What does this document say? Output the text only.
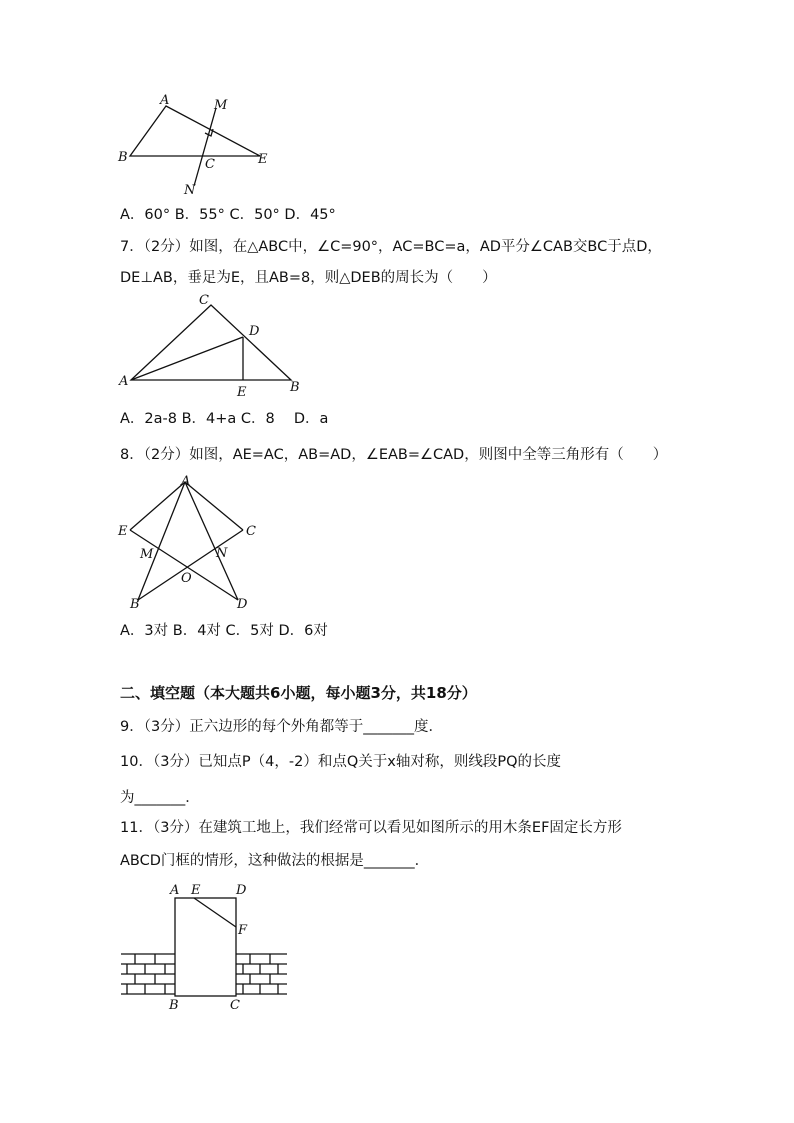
A	M
B	C	E
N
A．60° B．55° C．50° D．45°
7．（2分）如图，在△ABC中，∠C=90°，AC=BC=a，AD平分∠CAB交BC于点D，
DE⊥AB，垂足为E，且AB=8，则△DEB的周长为（　　）
C
D
A
E	B
A．2a-8 B．4+a C．8　 D．a
8．（2分）如图，AE=AC，AB=AD，∠EAB=∠CAD，则图中全等三角形有（　　）
A
E	C
M	N
O
B	D
A．3对 B．4对 C．5对 D．6对
二、填空题（本大题共6小题，每小题3分，共18分）
9．（3分）正六边形的每个外角都等于_______度．
10．（3分）已知点P（4，-2）和点Q关于x轴对称，则线段PQ的长度
为_______．
11．（3分）在建筑工地上，我们经常可以看见如图所示的用木条EF固定长方形
ABCD门框的情形，这种做法的根据是_______．
A E	D
F
B	C
